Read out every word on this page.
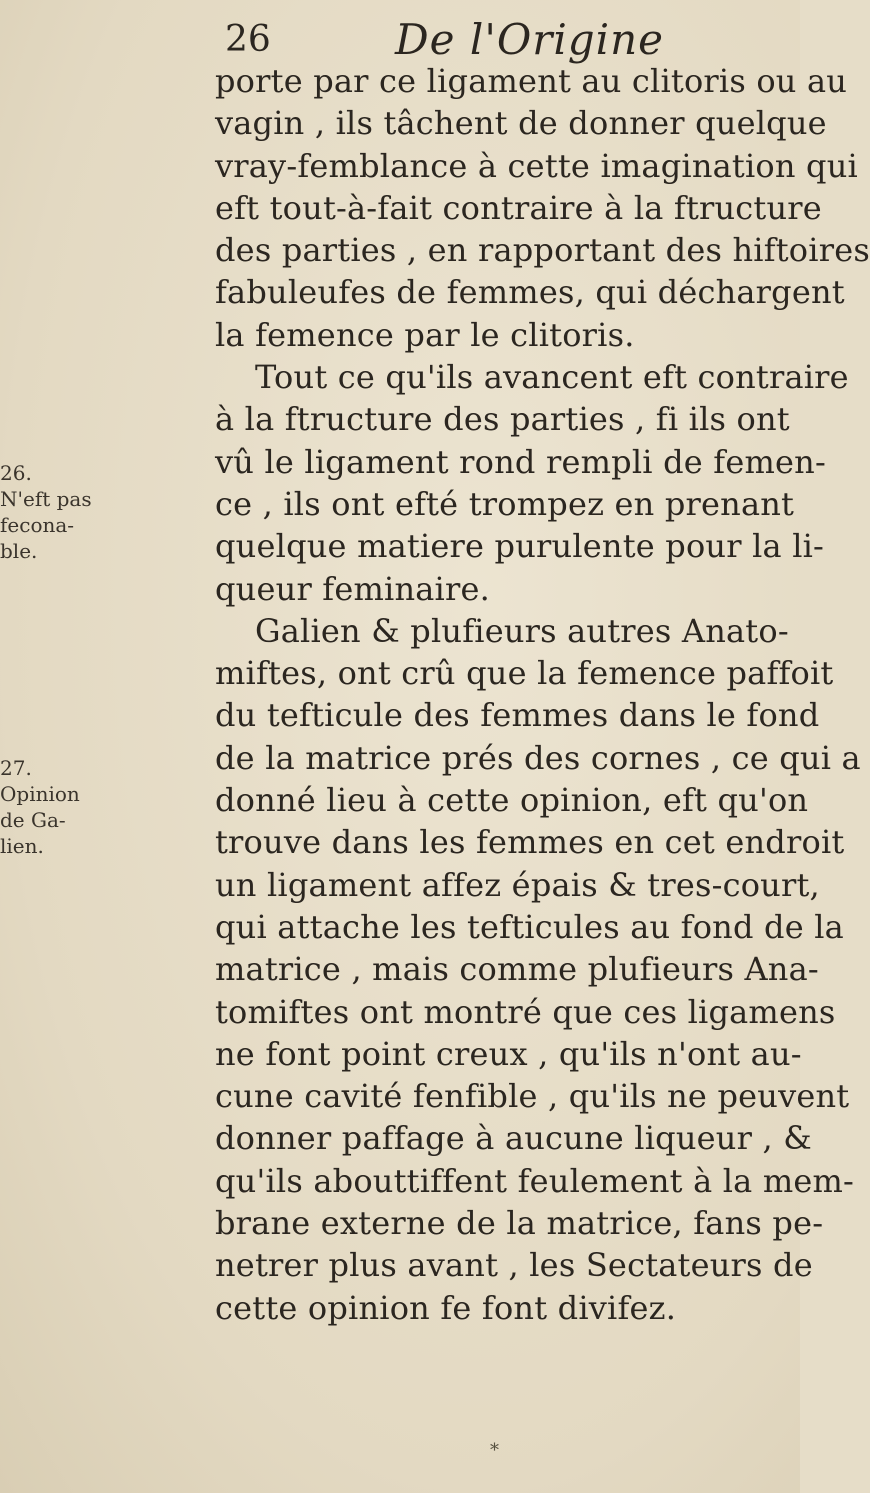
26	De l'Origine
26.
N'eft pas
fecona-
ble.
27.
Opinion
de Ga-
lien.
porte par ce ligament au clitoris ou au
vagin , ils tâchent de donner quelque
vray-femblance à cette imagination qui
eft tout-à-fait contraire à la ftructure
des parties , en rapportant des hiftoires
fabuleufes de femmes, qui déchargent
la femence par le clitoris.
Tout ce qu'ils avancent eft contraire
à la ftructure des parties , fi ils ont
vû le ligament rond rempli de femen-
ce , ils ont efté trompez en prenant
quelque matiere purulente pour la li-
queur feminaire.
Galien & plufieurs autres Anato-
miftes, ont crû que la femence paffoit
du tefticule des femmes dans le fond
de la matrice prés des cornes , ce qui a
donné lieu à cette opinion, eft qu'on
trouve dans les femmes en cet endroit
un ligament affez épais & tres-court,
qui attache les tefticules au fond de la
matrice , mais comme plufieurs Ana-
tomiftes ont montré que ces ligamens
ne font point creux , qu'ils n'ont au-
cune cavité fenfible , qu'ils ne peuvent
donner paffage à aucune liqueur , &
qu'ils abouttiffent feulement à la mem-
brane externe de la matrice, fans pe-
netrer plus avant , les Sectateurs de
cette opinion fe font divifez.
*
